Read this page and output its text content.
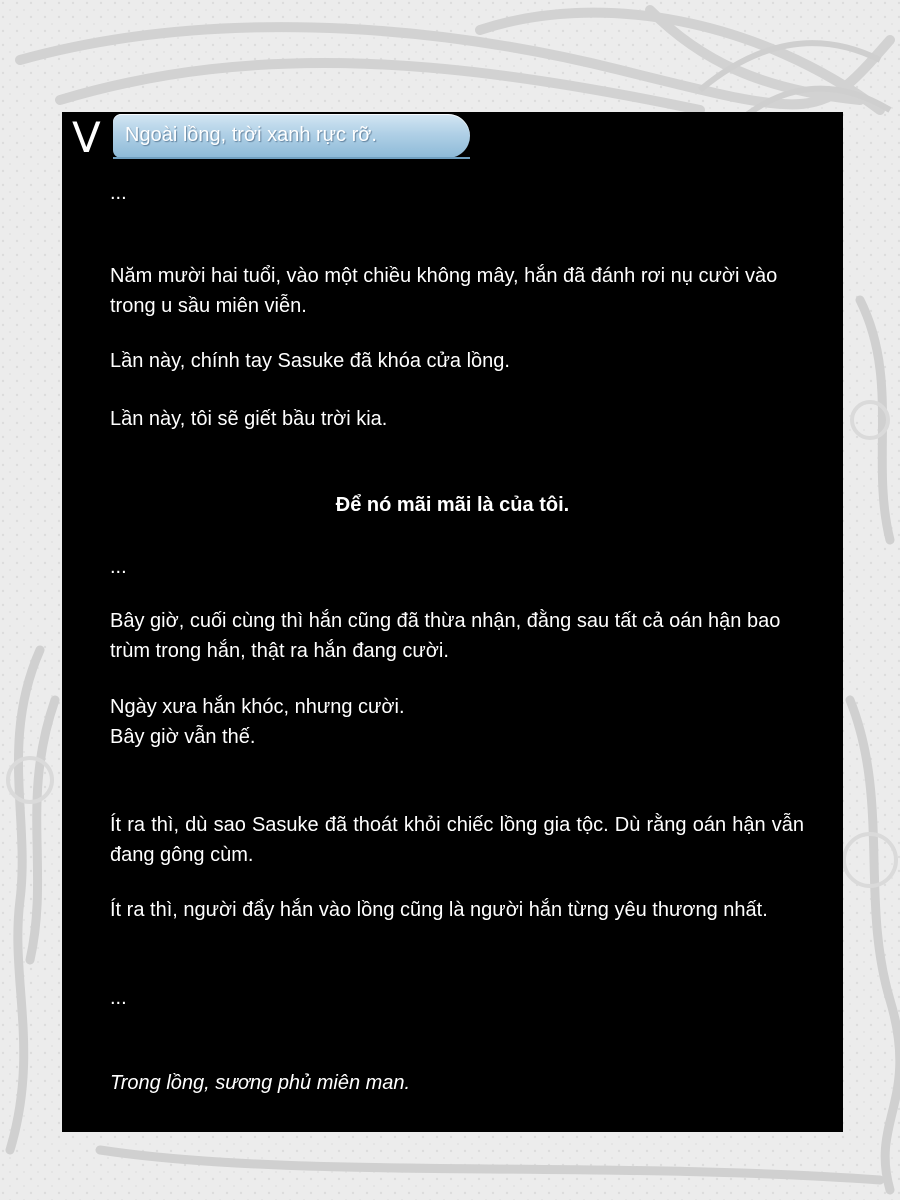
Ngoài lồng, trời xanh rực rỡ.
V

...

Năm mười hai tuổi, vào một chiều không mây, hắn đã đánh rơi nụ cười vào trong u sầu miên viễn.

Lần này, chính tay Sasuke đã khóa cửa lồng.

Lần này, tôi sẽ giết bầu trời kia.

Để nó mãi mãi là của tôi.

...

Bây giờ, cuối cùng thì hắn cũng đã thừa nhận, đằng sau tất cả oán hận bao trùm trong hắn, thật ra hắn đang cười.

Ngày xưa hắn khóc, nhưng cười.

Bây giờ vẫn thế.

Ít ra thì, dù sao Sasuke đã thoát khỏi chiếc lồng gia tộc. Dù rằng oán hận vẫn đang gông cùm.

Ít ra thì, người đẩy hắn vào lồng cũng là người hắn từng yêu thương nhất.

...

Trong lồng, sương phủ miên man.
